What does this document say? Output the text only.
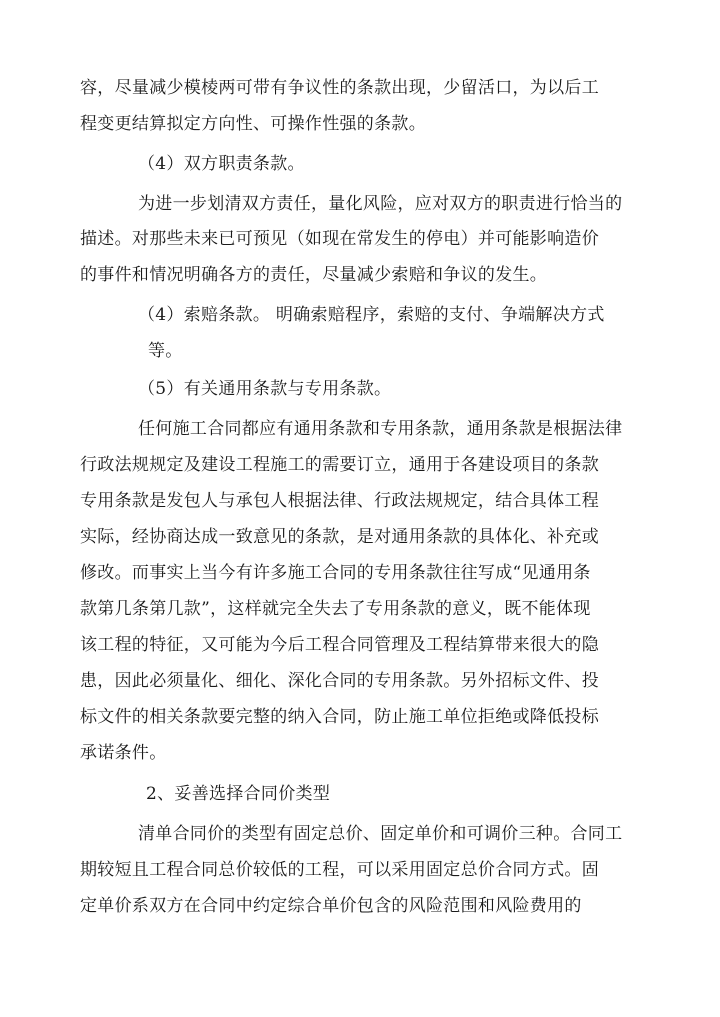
容，尽量减少模棱两可带有争议性的条款出现，少留活口，为以后工
程变更结算拟定方向性、可操作性强的条款。
（4）双方职责条款。
为进一步划清双方责任，量化风险，应对双方的职责进行恰当的
描述。对那些未来已可预见（如现在常发生的停电）并可能影响造价
的事件和情况明确各方的责任，尽量减少索赔和争议的发生。
（4）索赔条款。 明确索赔程序，索赔的支付、争端解决方式
等。
（5）有关通用条款与专用条款。
任何施工合同都应有通用条款和专用条款，通用条款是根据法律
行政法规规定及建设工程施工的需要订立，通用于各建设项目的条款
专用条款是发包人与承包人根据法律、行政法规规定，结合具体工程
实际，经协商达成一致意见的条款，是对通用条款的具体化、补充或
修改。而事实上当今有许多施工合同的专用条款往往写成“见通用条
款第几条第几款”，这样就完全失去了专用条款的意义，既不能体现
该工程的特征，又可能为今后工程合同管理及工程结算带来很大的隐
患，因此必须量化、细化、深化合同的专用条款。另外招标文件、投
标文件的相关条款要完整的纳入合同，防止施工单位拒绝或降低投标
承诺条件。
2、妥善选择合同价类型
清单合同价的类型有固定总价、固定单价和可调价三种。合同工
期较短且工程合同总价较低的工程，可以采用固定总价合同方式。固
定单价系双方在合同中约定综合单价包含的风险范围和风险费用的
